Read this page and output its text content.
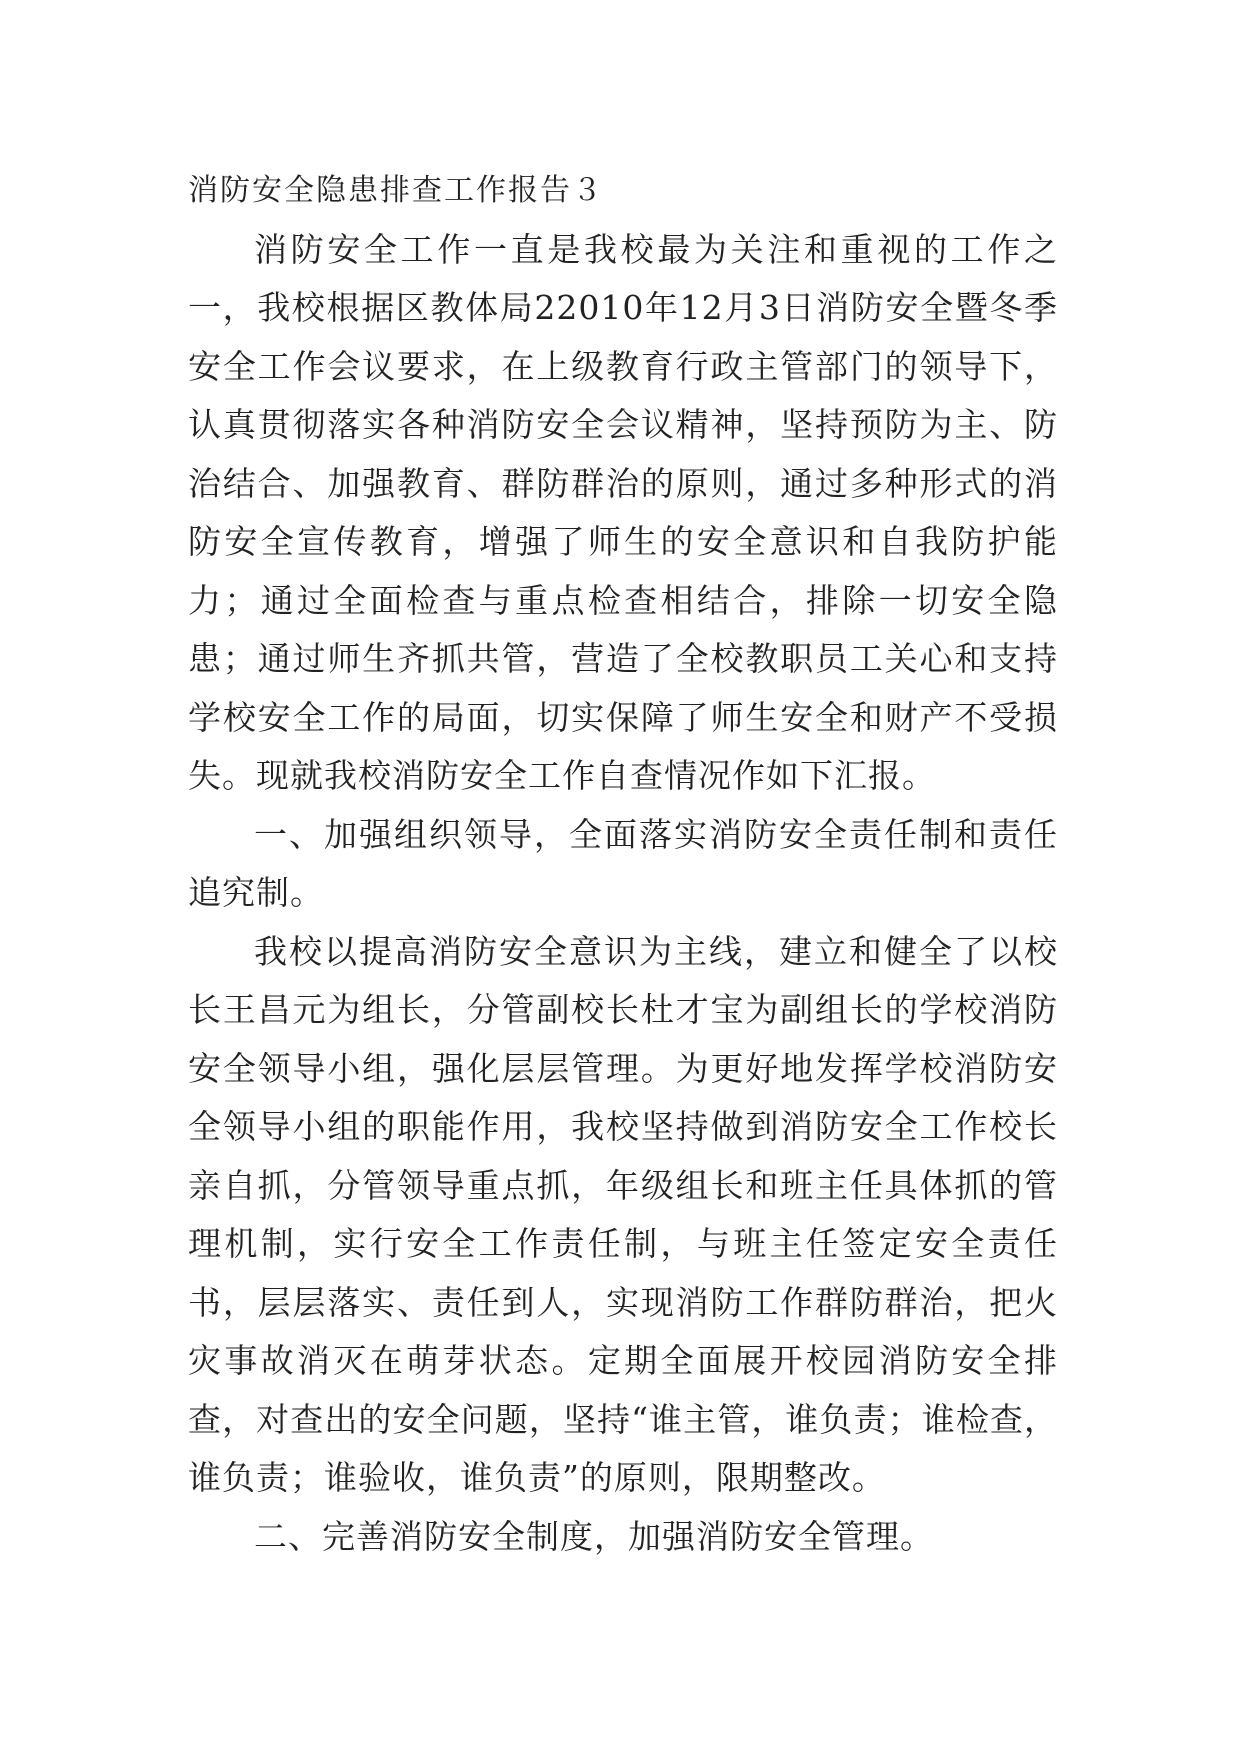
消防安全隐患排查工作报告３

消防安全工作一直是我校最为关注和重视的工作之一，我校根据区教体局22010年12月3日消防安全暨冬季安全工作会议要求，在上级教育行政主管部门的领导下，认真贯彻落实各种消防安全会议精神，坚持预防为主、防治结合、加强教育、群防群治的原则，通过多种形式的消防安全宣传教育，增强了师生的安全意识和自我防护能力；通过全面检查与重点检查相结合，排除一切安全隐患；通过师生齐抓共管，营造了全校教职员工关心和支持学校安全工作的局面，切实保障了师生安全和财产不受损失。现就我校消防安全工作自查情况作如下汇报。

一、加强组织领导，全面落实消防安全责任制和责任追究制。

我校以提高消防安全意识为主线，建立和健全了以校长王昌元为组长，分管副校长杜才宝为副组长的学校消防安全领导小组，强化层层管理。为更好地发挥学校消防安全领导小组的职能作用，我校坚持做到消防安全工作校长亲自抓，分管领导重点抓，年级组长和班主任具体抓的管理机制，实行安全工作责任制，与班主任签定安全责任书，层层落实、责任到人，实现消防工作群防群治，把火灾事故消灭在萌芽状态。定期全面展开校园消防安全排查，对查出的安全问题，坚持“谁主管，谁负责；谁检查，谁负责；谁验收，谁负责”的原则，限期整改。

二、完善消防安全制度，加强消防安全管理。
